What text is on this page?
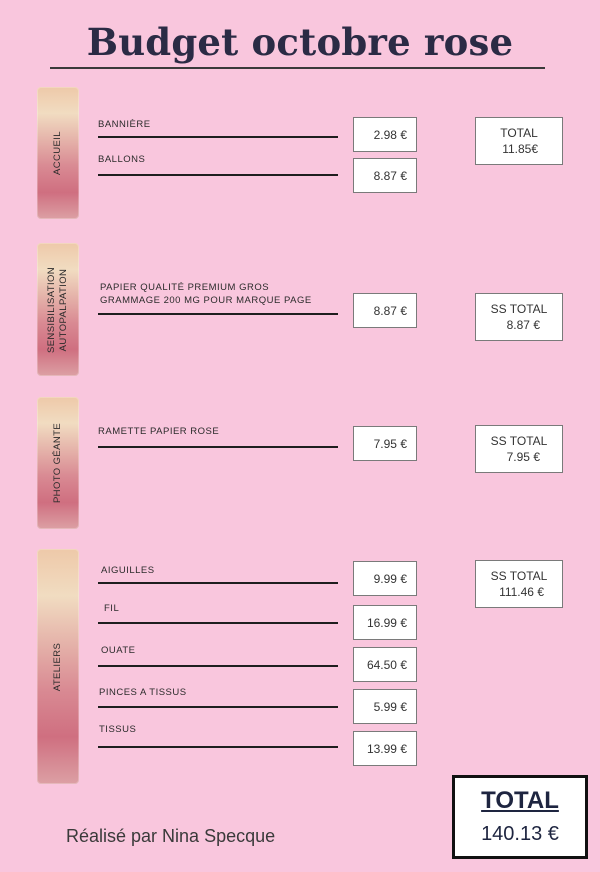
Budget octobre rose
ACCUEIL
BANNIÈRE
2.98 €
BALLONS
8.87 €
TOTAL
11.85€
SENSIBILISATION
AUTOPALPATION	PAPIER QUALITÉ PREMIUM GROS
GRAMMAGE 200 MG POUR MARQUE PAGE
8.87 €	SS TOTAL
8.87 €
PHOTO GÉANTE	RAMETTE PAPIER ROSE
7.95 €	SS TOTAL
7.95 €
ATELIERS
AIGUILLES
9.99 €
FIL
16.99 €
OUATE
64.50 €
PINCES A TISSUS
5.99 €
TISSUS
13.99 €
SS TOTAL
111.46 €
TOTAL
140.13 €
Réalisé par Nina Specque
